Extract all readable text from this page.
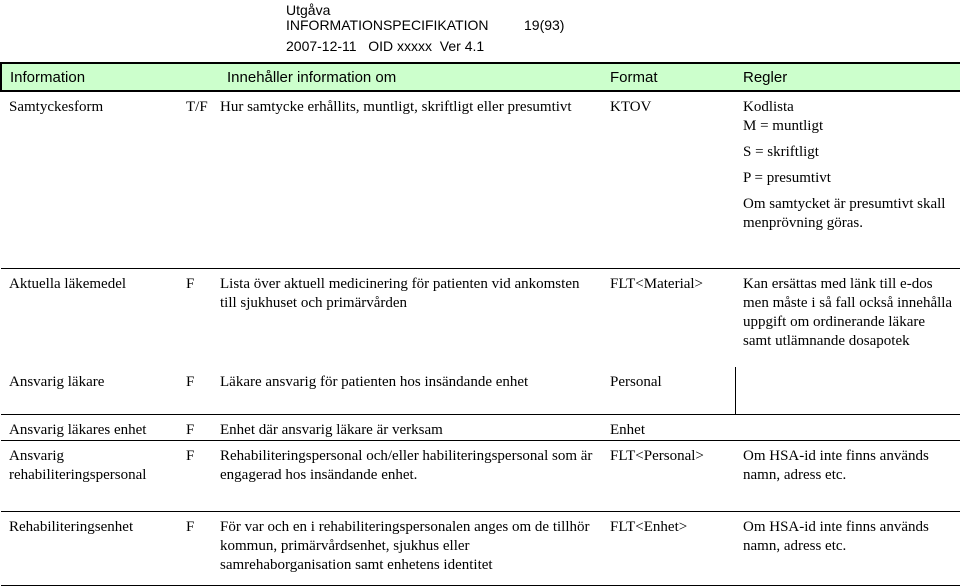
Utgåva
INFORMATIONSPECIFIKATION	19(93)
2007-12-11   OID xxxxx  Ver 4.1
Information		Innehåller information om	Format	Regler
Samtyckesform	T/F	Hur samtycke erhållits, muntligt, skriftligt eller presumtivt	KTOV	Kodlista
M = muntligt
S = skriftligt
P = presumtivt
Om samtycket är presumtivt skall menprövning göras.

Aktuella läkemedel	F	Lista över aktuell medicinering för patienten vid ankomsten till sjukhuset och primärvården	FLT<Material>	Kan ersättas med länk till e-dos men måste i så fall också innehålla uppgift om ordinerande läkare samt utlämnande dosapotek

Ansvarig läkare	F	Läkare ansvarig för patienten hos insändande enhet	Personal	
Ansvarig läkares enhet	F	Enhet där ansvarig läkare är verksam	Enhet	
Ansvarig rehabiliteringspersonal	F	Rehabiliteringspersonal och/eller habiliteringspersonal som är engagerad hos insändande enhet.	FLT<Personal>	Om HSA-id inte finns används namn, adress etc.

Rehabiliteringsenhet	F	För var och en i rehabiliteringspersonalen anges om de tillhör kommun, primärvårdsenhet, sjukhus eller samrehaborganisation samt enhetens identitet	FLT<Enhet>	Om HSA-id inte finns används namn, adress etc.
